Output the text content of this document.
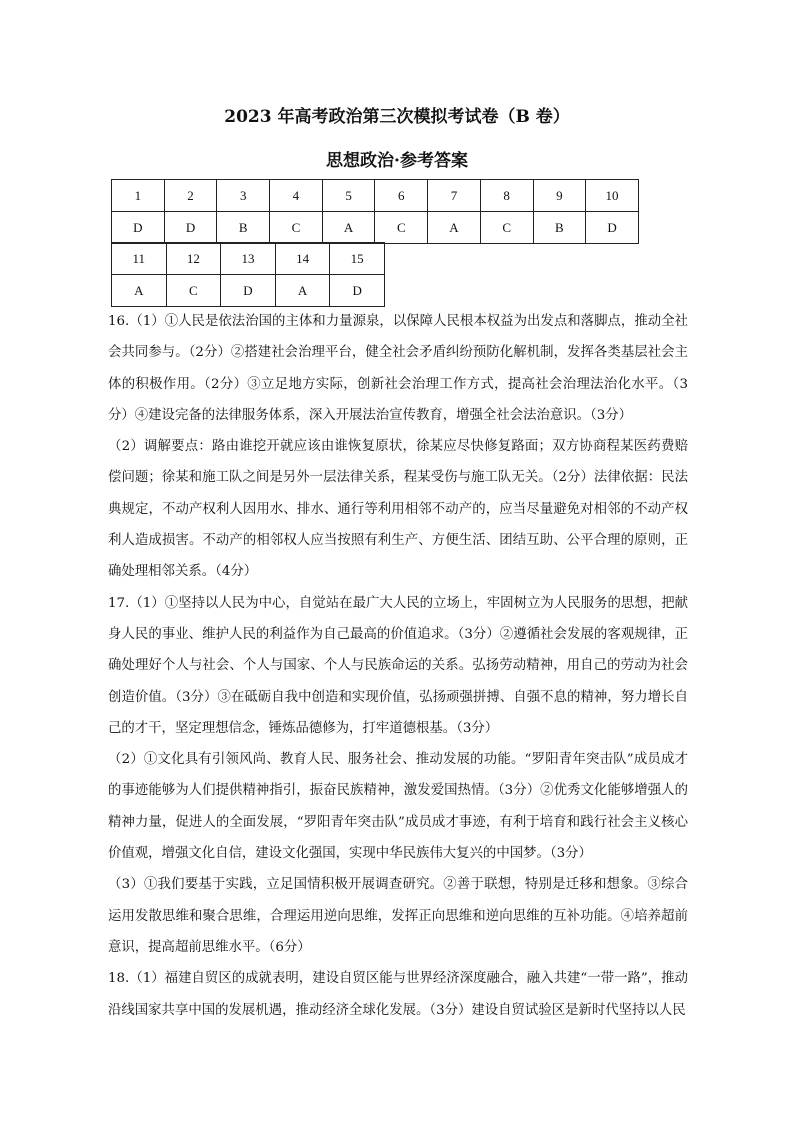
2023 年高考政治第三次模拟考试卷（B 卷）
思想政治·参考答案
1	2	3	4	5	6	7	8	9	10
D	D	B	C	A	C	A	C	B	D
11	12	13	14	15
A	C	D	A	D

16.（1）①人民是依法治国的主体和力量源泉，以保障人民根本权益为出发点和落脚点，推动全社会共同参与。（2分）②搭建社会治理平台，健全社会矛盾纠纷预防化解机制，发挥各类基层社会主体的积极作用。（2分）③立足地方实际，创新社会治理工作方式，提高社会治理法治化水平。（3分）④建设完备的法律服务体系，深入开展法治宣传教育，增强全社会法治意识。（3分）

（2）调解要点：路由谁挖开就应该由谁恢复原状，徐某应尽快修复路面；双方协商程某医药费赔偿问题；徐某和施工队之间是另外一层法律关系，程某受伤与施工队无关。（2分）法律依据：民法典规定，不动产权利人因用水、排水、通行等利用相邻不动产的，应当尽量避免对相邻的不动产权利人造成损害。不动产的相邻权人应当按照有利生产、方便生活、团结互助、公平合理的原则，正确处理相邻关系。（4分）

17.（1）①坚持以人民为中心，自觉站在最广大人民的立场上，牢固树立为人民服务的思想，把献身人民的事业、维护人民的利益作为自己最高的价值追求。（3分）②遵循社会发展的客观规律，正确处理好个人与社会、个人与国家、个人与民族命运的关系。弘扬劳动精神，用自己的劳动为社会创造价值。（3分）③在砥砺自我中创造和实现价值，弘扬顽强拼搏、自强不息的精神，努力增长自己的才干，坚定理想信念，锤炼品德修为，打牢道德根基。（3分）

（2）①文化具有引领风尚、教育人民、服务社会、推动发展的功能。“罗阳青年突击队”成员成才的事迹能够为人们提供精神指引，振奋民族精神，激发爱国热情。（3分）②优秀文化能够增强人的精神力量，促进人的全面发展，“罗阳青年突击队”成员成才事迹，有利于培育和践行社会主义核心价值观，增强文化自信，建设文化强国，实现中华民族伟大复兴的中国梦。（3分）

（3）①我们要基于实践，立足国情积极开展调查研究。②善于联想，特别是迁移和想象。③综合运用发散思维和聚合思维，合理运用逆向思维，发挥正向思维和逆向思维的互补功能。④培养超前意识，提高超前思维水平。（6分）

18.（1）福建自贸区的成就表明，建设自贸区能与世界经济深度融合，融入共建“一带一路”，推动沿线国家共享中国的发展机遇，推动经济全球化发展。（3分）建设自贸试验区是新时代坚持以人民
